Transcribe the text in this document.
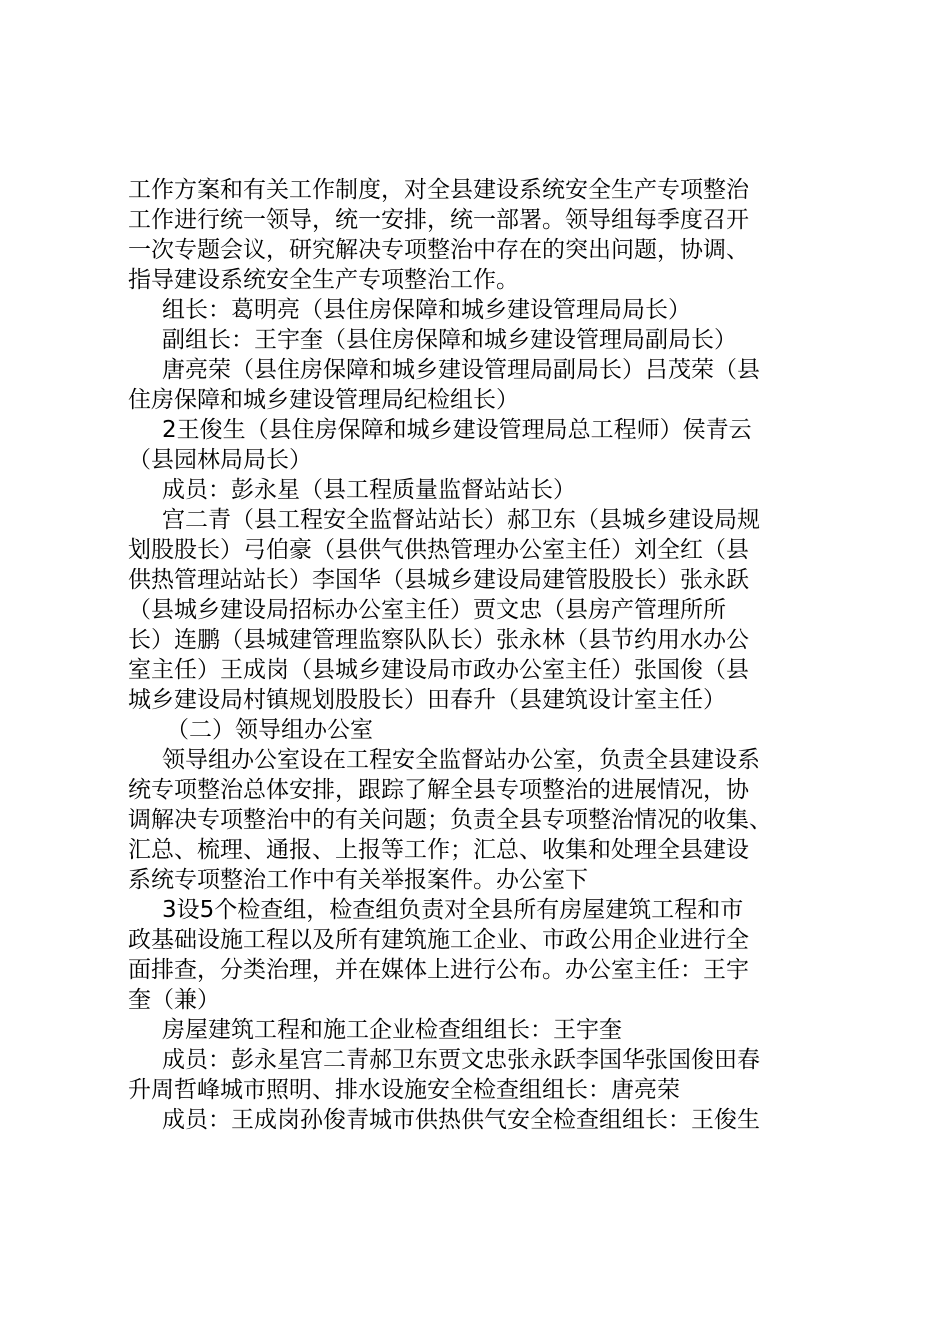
工作方案和有关工作制度，对全县建设系统安全生产专项整治
工作进行统一领导，统一安排，统一部署。领导组每季度召开
一次专题会议，研究解决专项整治中存在的突出问题，协调、
指导建设系统安全生产专项整治工作。
组长：葛明亮（县住房保障和城乡建设管理局局长）
副组长：王宇奎（县住房保障和城乡建设管理局副局长）
唐亮荣（县住房保障和城乡建设管理局副局长）吕茂荣（县
住房保障和城乡建设管理局纪检组长）
2王俊生（县住房保障和城乡建设管理局总工程师）侯青云
（县园林局局长）
成员：彭永星（县工程质量监督站站长）
宫二青（县工程安全监督站站长）郝卫东（县城乡建设局规
划股股长）弓伯豪（县供气供热管理办公室主任）刘全红（县
供热管理站站长）李国华（县城乡建设局建管股股长）张永跃
（县城乡建设局招标办公室主任）贾文忠（县房产管理所所
长）连鹏（县城建管理监察队队长）张永林（县节约用水办公
室主任）王成岗（县城乡建设局市政办公室主任）张国俊（县
城乡建设局村镇规划股股长）田春升（县建筑设计室主任）
（二）领导组办公室
领导组办公室设在工程安全监督站办公室，负责全县建设系
统专项整治总体安排，跟踪了解全县专项整治的进展情况，协
调解决专项整治中的有关问题；负责全县专项整治情况的收集、
汇总、梳理、通报、上报等工作；汇总、收集和处理全县建设
系统专项整治工作中有关举报案件。办公室下
3设5个检查组，检查组负责对全县所有房屋建筑工程和市
政基础设施工程以及所有建筑施工企业、市政公用企业进行全
面排查，分类治理，并在媒体上进行公布。办公室主任：王宇
奎（兼）
房屋建筑工程和施工企业检查组组长：王宇奎
成员：彭永星宫二青郝卫东贾文忠张永跃李国华张国俊田春
升周哲峰城市照明、排水设施安全检查组组长：唐亮荣
成员：王成岗孙俊青城市供热供气安全检查组组长：王俊生
